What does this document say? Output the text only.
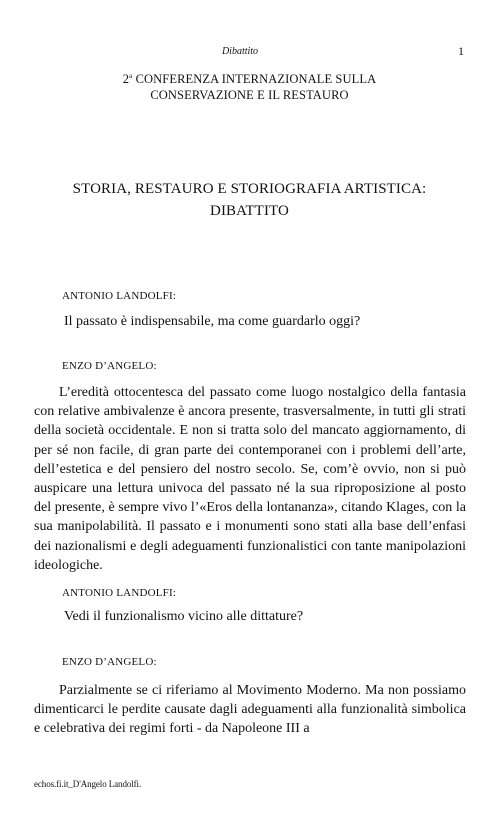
Dibattito	1
2$^a$ CONFERENZA INTERNAZIONALE SULLA
CONSERVAZIONE E IL RESTAURO
STORIA, RESTAURO E STORIOGRAFIA ARTISTICA:
DIBATTITO
ANTONIO LANDOLFI:
Il passato è indispensabile, ma come guardarlo oggi?
ENZO D’ANGELO:

L’eredità ottocentesca del passato come luogo nostalgico della fantasia con relative ambivalenze è ancora presente, trasversalmente, in tutti gli strati della società occidentale. E non si tratta solo del mancato aggiornamento, di per sé non facile, di gran parte dei contemporanei con i problemi dell’arte, dell’estetica e del pensiero del nostro secolo. Se, com’è ovvio, non si può auspicare una lettura univoca del passato né la sua riproposizione al posto del presente, è sempre vivo l’«Eros della lontananza», citando Klages, con la sua manipolabilità. Il passato e i monumenti sono stati alla base dell’enfasi dei nazionalismi e degli adeguamenti funzionalistici con tante manipolazioni ideologiche.

ANTONIO LANDOLFI:
Vedi il funzionalismo vicino alle dittature?
ENZO D’ANGELO:

Parzialmente se ci riferiamo al Movimento Moderno. Ma non possiamo dimenticarci le perdite causate dagli adeguamenti alla funzionalità simbolica e celebrativa dei regimi forti - da Napoleone III a

echos.fi.it_D'Angelo Landolfi.
